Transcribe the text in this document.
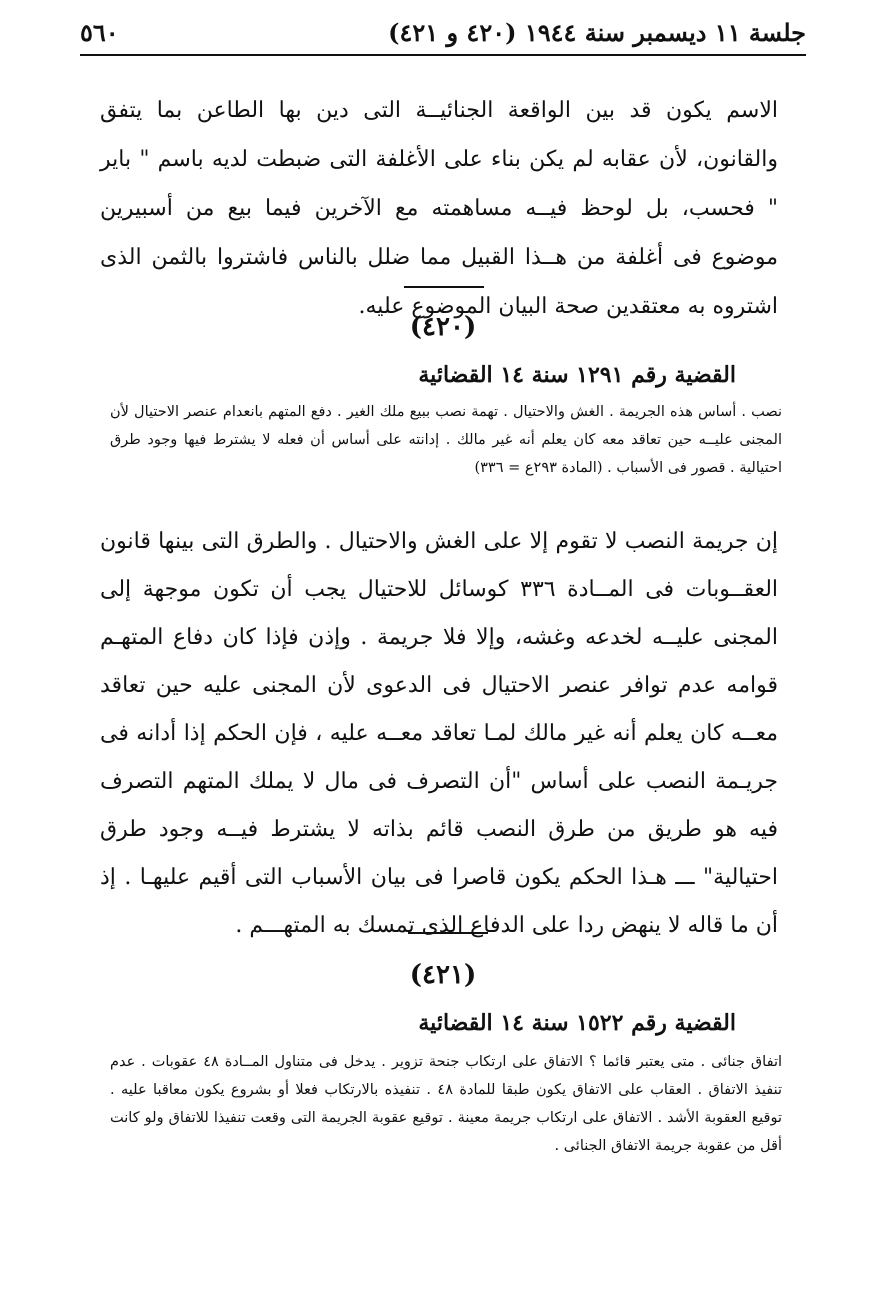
جلسة ١١ ديسمبر سنة ١٩٤٤ (٤٢٠ و ٤٢١)
٥٦٠
الاسم يكون قد بين الواقعة الجنائيــة التى دين بها الطاعن بما يتفق والقانون، لأن عقابه لم يكن بناء على الأغلفة التى ضبطت لديه باسم " باير " فحسب، بل لوحظ فيــه مساهمته مع الآخرين فيما بيع من أسبيرين موضوع فى أغلفة من هــذا القبيل مما ضلل بالناس فاشتروا بالثمن الذى اشتروه به معتقدين صحة البيان الموضوع عليه.
(٤٢٠)
القضية رقم ١٢٩١ سنة ١٤ القضائية
نصب . أساس هذه الجريمة . الغش والاحتيال . تهمة نصب ببيع ملك الغير . دفع المتهم بانعدام عنصر الاحتيال لأن المجنى عليــه حين تعاقد معه كان يعلم أنه غير مالك . إدانته على أساس أن فعله لا يشترط فيها وجود طرق احتيالية . قصور فى الأسباب . (المادة ٢٩٣ع = ٣٣٦)
إن جريمة النصب لا تقوم إلا على الغش والاحتيال . والطرق التى بينها قانون العقــوبات فى المــادة ٣٣٦ كوسائل للاحتيال يجب أن تكون موجهة إلى المجنى عليــه لخدعه وغشه، وإلا فلا جريمة . وإذن فإذا كان دفاع المتهـم قوامه عدم توافر عنصر الاحتيال فى الدعوى لأن المجنى عليه حين تعاقد معــه كان يعلم أنه غير مالك لمـا تعاقد معــه عليه ، فإن الحكم إذا أدانه فى جريـمة النصب على أساس "أن التصرف فى مال لا يملك المتهم التصرف فيه هو طريق من طرق النصب قائم بذاته لا يشترط فيــه وجود طرق احتيالية" ـــ هـذا الحكم يكون قاصرا فى بيان الأسباب التى أقيم عليهـا . إذ أن ما قاله لا ينهض ردا على الدفاع الذى تمسك به المتهـــم .
(٤٢١)
القضية رقم ١٥٢٢ سنة ١٤ القضائية
اتفاق جنائى . متى يعتبر قائما ؟ الاتفاق على ارتكاب جنحة تزوير . يدخل فى متناول المــادة ٤٨ عقوبات . عدم تنفيذ الاتفاق . العقاب على الاتفاق يكون طبقا للمادة ٤٨ . تنفيذه بالارتكاب فعلا أو بشروع يكون معاقبا عليه . توقيع العقوبة الأشد . الاتفاق على ارتكاب جريمة معينة . توقيع عقوبة الجريمة التى وقعت تنفيذا للاتفاق ولو كانت أقل من عقوبة جريمة الاتفاق الجنائى .
